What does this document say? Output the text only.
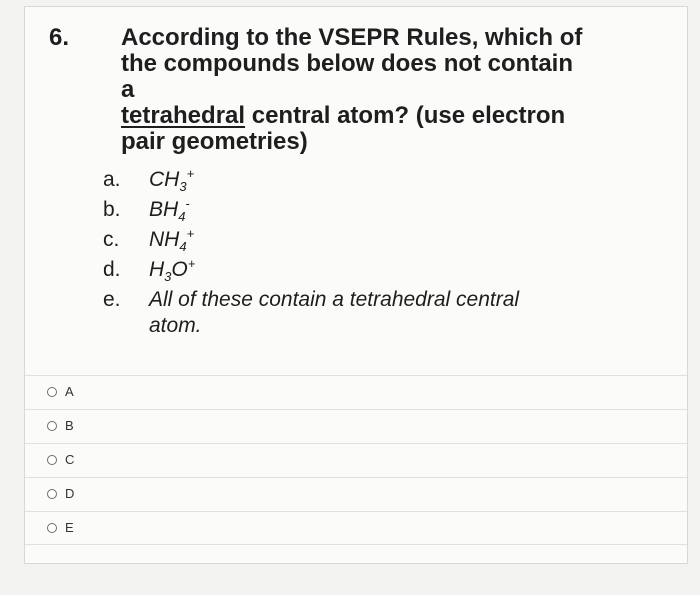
6. According to the VSEPR Rules, which of
the compounds below does not contain a
tetrahedral central atom? (use electron
pair geometries)
a.	$CH_3^+$
b.	$BH_4^-$
c.	$NH_4^+$
d.	$H_3O^+$
e.	All of these contain a tetrahedral central
atom.
A
B
C
D
E
